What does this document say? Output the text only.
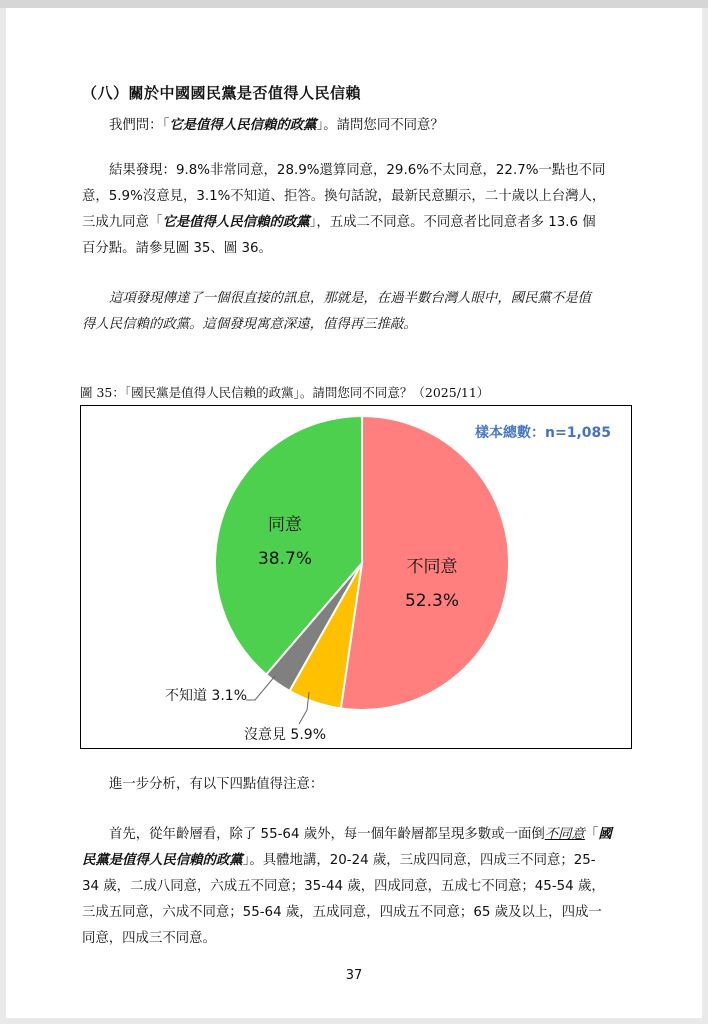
（八）關於中國國民黨是否值得人民信賴
我們問：「它是值得人民信賴的政黨」。請問您同不同意？
結果發現：9.8%非常同意，28.9%還算同意，29.6%不太同意，22.7%一點也不同
意，5.9%沒意見，3.1%不知道、拒答。換句話說，最新民意顯示，二十歲以上台灣人，
三成九同意「它是值得人民信賴的政黨」，五成二不同意。不同意者比同意者多 13.6 個
百分點。請參見圖 35、圖 36。
這項發現傳達了一個很直接的訊息，那就是，在過半數台灣人眼中，國民黨不是值
得人民信賴的政黨。這個發現寓意深遠，值得再三推敲。
圖 35：「國民黨是值得人民信賴的政黨」。請問您同不同意？（2025/11）
不同意
52.3%
同意
38.7%
不知道 3.1%
沒意見 5.9%
樣本總數：n=1,085
進一步分析，有以下四點值得注意：
首先，從年齡層看，除了 55-64 歲外，每一個年齡層都呈現多數或一面倒不同意「國
民黨是值得人民信賴的政黨」。具體地講，20-24 歲，三成四同意，四成三不同意；25-
34 歲，二成八同意，六成五不同意；35-44 歲，四成同意，五成七不同意；45-54 歲，
三成五同意，六成不同意；55-64 歲，五成同意，四成五不同意；65 歲及以上，四成一
同意，四成三不同意。
37
